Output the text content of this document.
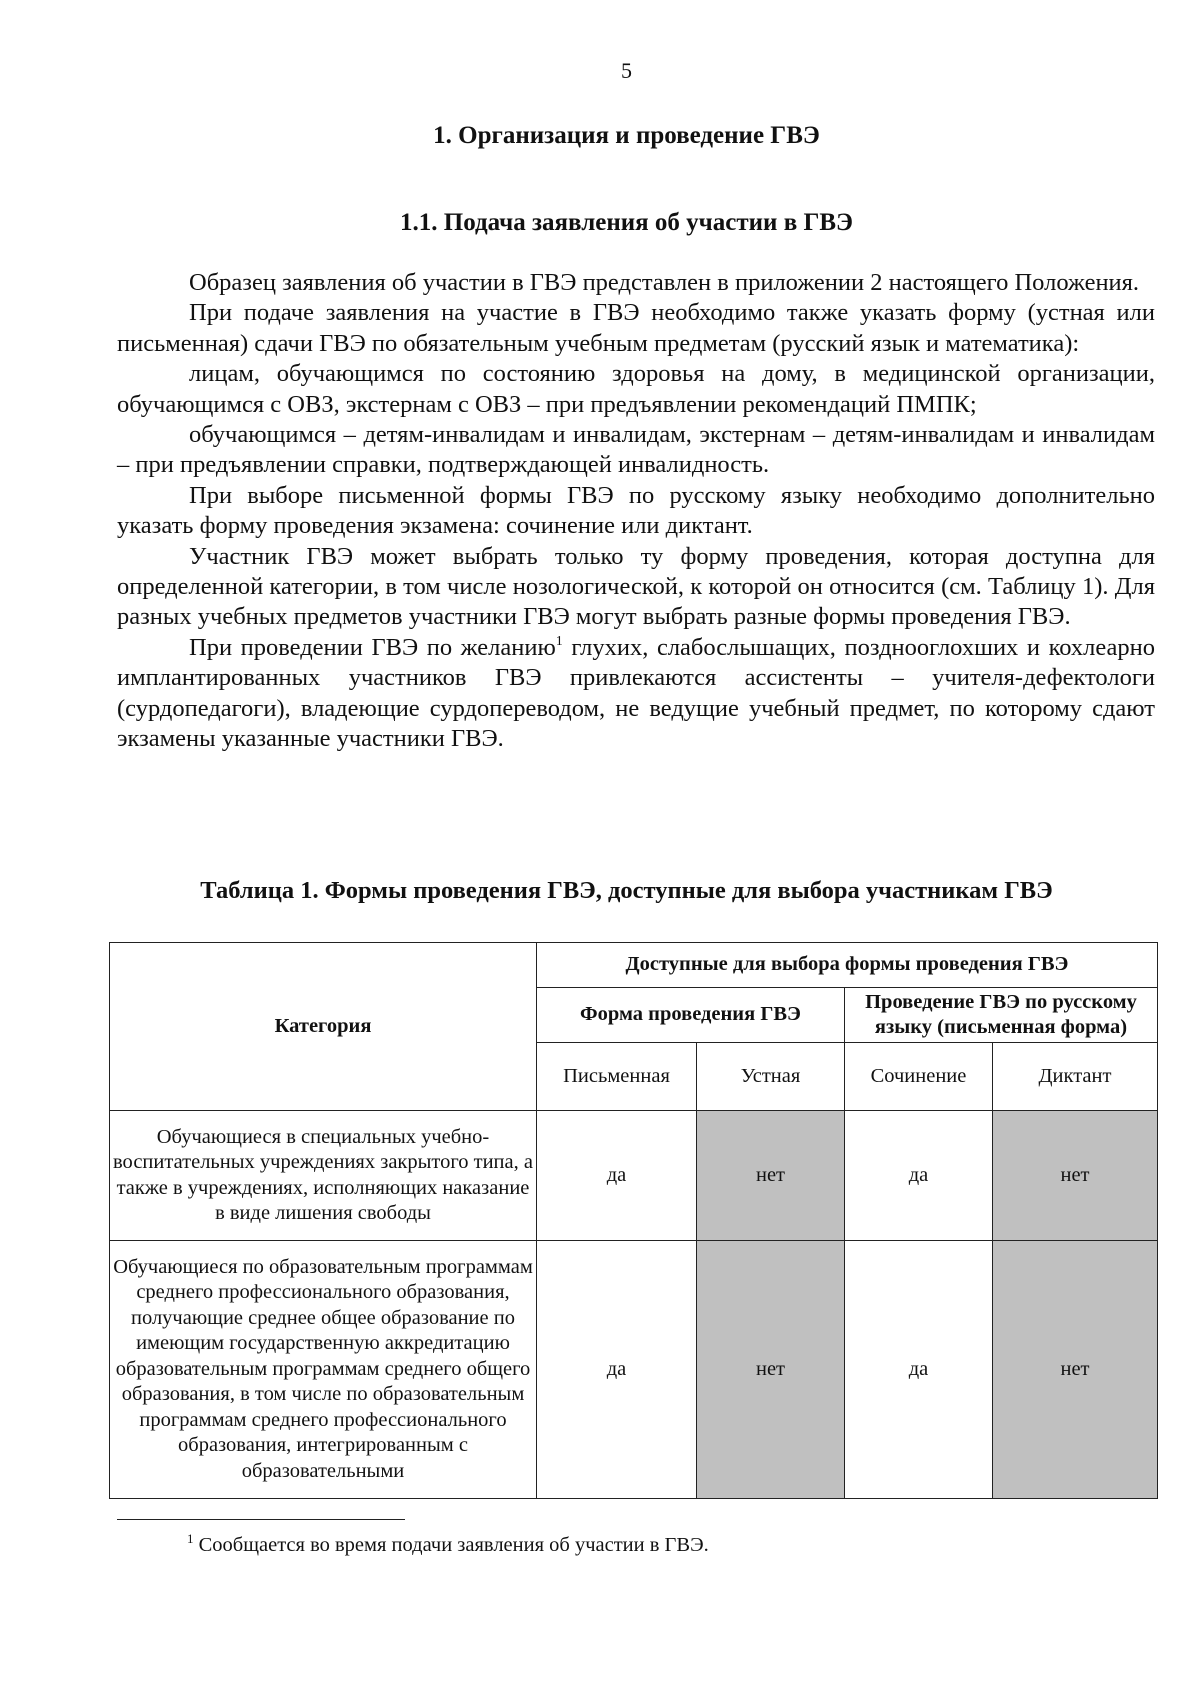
5
1. Организация и проведение ГВЭ
1.1. Подача заявления об участии в ГВЭ

Образец заявления об участии в ГВЭ представлен в приложении 2 настоящего Положения.

При подаче заявления на участие в ГВЭ необходимо также указать форму (устная или письменная) сдачи ГВЭ по обязательным учебным предметам (русский язык и математика):

лицам, обучающимся по состоянию здоровья на дому, в медицинской организации, обучающимся с ОВЗ, экстернам с ОВЗ – при предъявлении рекомендаций ПМПК;

обучающимся – детям-инвалидам и инвалидам, экстернам – детям-инвалидам и инвалидам – при предъявлении справки, подтверждающей инвалидность.

При выборе письменной формы ГВЭ по русскому языку необходимо дополнительно указать форму проведения экзамена: сочинение или диктант.

Участник ГВЭ может выбрать только ту форму проведения, которая доступна для определенной категории, в том числе нозологической, к которой он относится (см. Таблицу 1). Для разных учебных предметов участники ГВЭ могут выбрать разные формы проведения ГВЭ.

При проведении ГВЭ по желанию$^1$ глухих, слабослышащих, позднооглохших и кохлеарно имплантированных участников ГВЭ привлекаются ассистенты – учителя-дефектологи (сурдопедагоги), владеющие сурдопереводом, не ведущие учебный предмет, по которому сдают экзамены указанные участники ГВЭ.

Таблица 1. Формы проведения ГВЭ, доступные для выбора участникам ГВЭ
Категория	Доступные для выбора формы проведения ГВЭ			
	Форма проведения ГВЭ		Проведение ГВЭ по русскому языку (письменная форма)	
	Письменная	Устная	Сочинение	Диктант
Обучающиеся в специальных учебно-воспитательных учреждениях закрытого типа, а также в учреждениях, исполняющих наказание в виде лишения свободы	да	нет	да	нет
Обучающиеся по образовательным программам среднего профессионального образования, получающие среднее общее образование по имеющим государственную аккредитацию образовательным программам среднего общего образования, в том числе по образовательным программам среднего профессионального образования, интегрированным с образовательными	да	нет	да	нет
$^1$ Сообщается во время подачи заявления об участии в ГВЭ.
